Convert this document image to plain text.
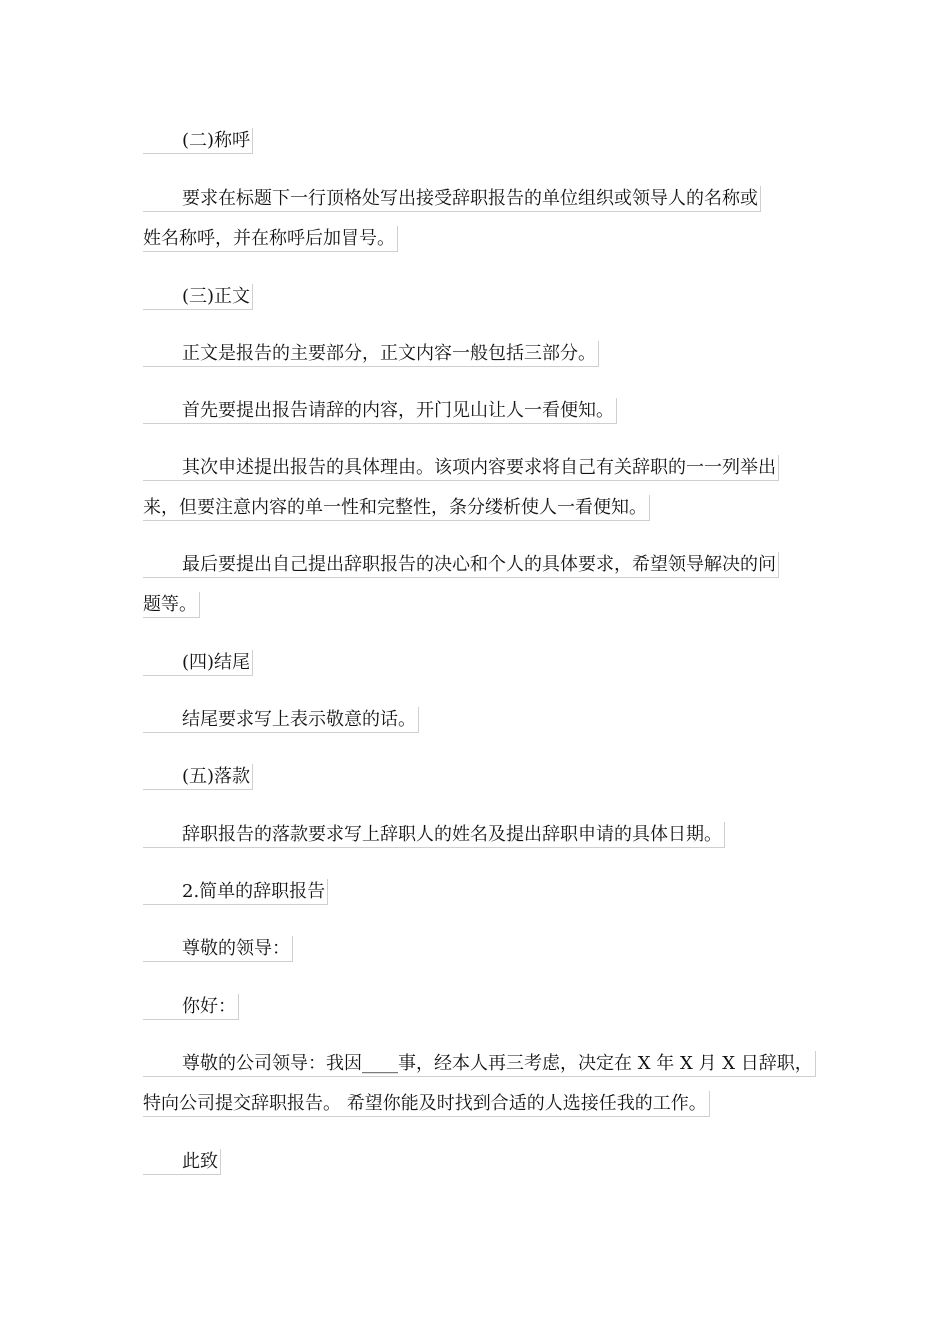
(二)称呼
要求在标题下一行顶格处写出接受辞职报告的单位组织或领导人的名称或
姓名称呼，并在称呼后加冒号。
(三)正文
正文是报告的主要部分，正文内容一般包括三部分。
首先要提出报告请辞的内容，开门见山让人一看便知。
其次申述提出报告的具体理由。该项内容要求将自己有关辞职的一一列举出
来，但要注意内容的单一性和完整性，条分缕析使人一看便知。
最后要提出自己提出辞职报告的决心和个人的具体要求，希望领导解决的问
题等。
(四)结尾
结尾要求写上表示敬意的话。
(五)落款
辞职报告的落款要求写上辞职人的姓名及提出辞职申请的具体日期。
2.简单的辞职报告
尊敬的领导：
你好：
尊敬的公司领导：我因____事，经本人再三考虑，决定在 X 年 X 月 X 日辞职，
特向公司提交辞职报告。 希望你能及时找到合适的人选接任我的工作。
此致
